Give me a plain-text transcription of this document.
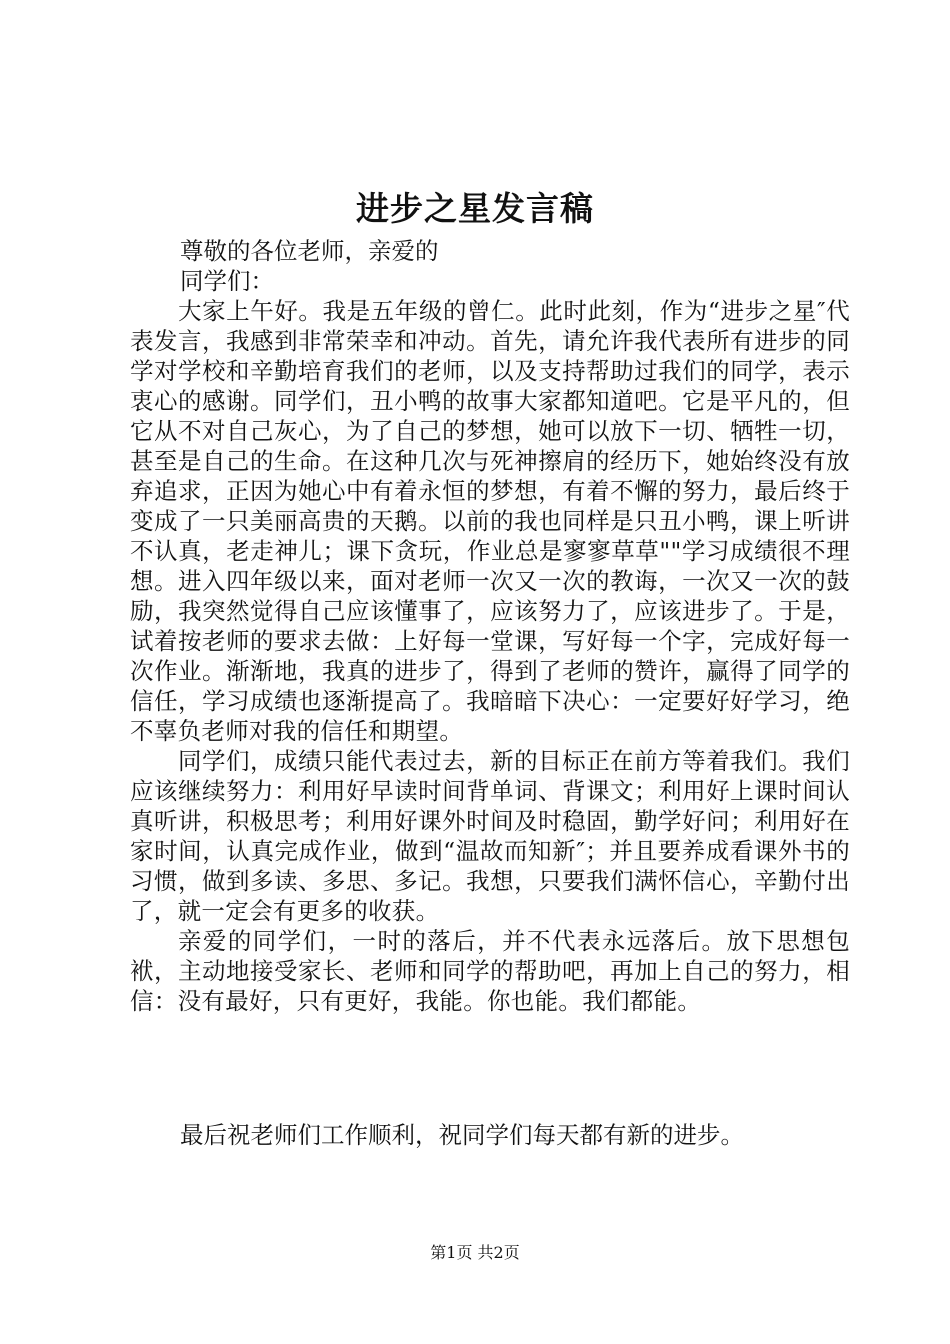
进步之星发言稿

尊敬的各位老师，亲爱的

同学们：

大家上午好。我是五年级的曾仁。此时此刻，作为“进步之星″代表发言，我感到非常荣幸和冲动。首先，请允许我代表所有进步的同学对学校和辛勤培育我们的老师，以及支持帮助过我们的同学，表示衷心的感谢。同学们，丑小鸭的故事大家都知道吧。它是平凡的，但它从不对自己灰心，为了自己的梦想，她可以放下一切、牺牲一切，甚至是自己的生命。在这种几次与死神擦肩的经历下，她始终没有放弃追求，正因为她心中有着永恒的梦想，有着不懈的努力，最后终于变成了一只美丽高贵的天鹅。以前的我也同样是只丑小鸭，课上听讲不认真，老走神儿；课下贪玩，作业总是寥寥草草""学习成绩很不理想。进入四年级以来，面对老师一次又一次的教诲，一次又一次的鼓励，我突然觉得自己应该懂事了，应该努力了，应该进步了。于是，试着按老师的要求去做：上好每一堂课，写好每一个字，完成好每一次作业。渐渐地，我真的进步了，得到了老师的赞许，赢得了同学的信任，学习成绩也逐渐提高了。我暗暗下决心：一定要好好学习，绝不辜负老师对我的信任和期望。

同学们，成绩只能代表过去，新的目标正在前方等着我们。我们应该继续努力：利用好早读时间背单词、背课文；利用好上课时间认真听讲，积极思考；利用好课外时间及时稳固，勤学好问；利用好在家时间，认真完成作业，做到“温故而知新″；并且要养成看课外书的习惯，做到多读、多思、多记。我想，只要我们满怀信心，辛勤付出了，就一定会有更多的收获。

亲爱的同学们，一时的落后，并不代表永远落后。放下思想包袱，主动地接受家长、老师和同学的帮助吧，再加上自己的努力，相信：没有最好，只有更好，我能。你也能。我们都能。

最后祝老师们工作顺利，祝同学们每天都有新的进步。

第1页 共2页
